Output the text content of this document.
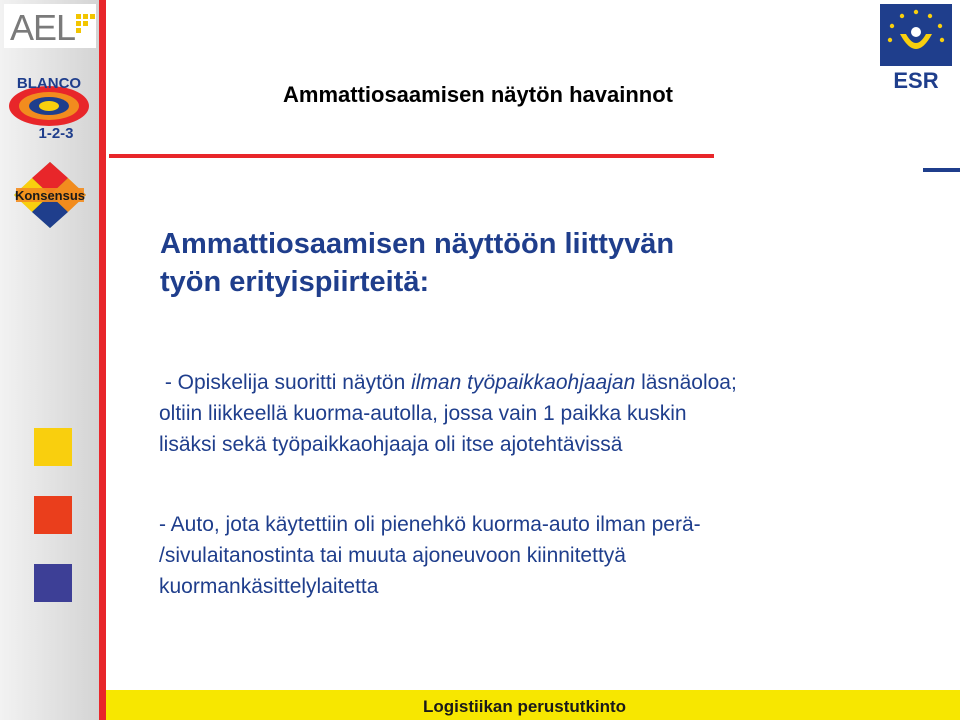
AEL
BLANCO
1-2-3
Konsensus
ESR
Ammattiosaamisen näytön havainnot
Ammattiosaamisen näyttöön liittyvän
työn erityispiirteitä:
- Opiskelija suoritti näytön ilman työpaikkaohjaajan läsnäoloa;
oltiin liikkeellä kuorma-autolla, jossa vain 1 paikka kuskin
lisäksi sekä työpaikkaohjaaja oli itse ajotehtävissä
- Auto, jota käytettiin oli pienehkö kuorma-auto ilman perä-
/sivulaitanostinta tai muuta ajoneuvoon kiinnitettyä
kuormankäsittelylaitetta
Logistiikan perustutkinto
